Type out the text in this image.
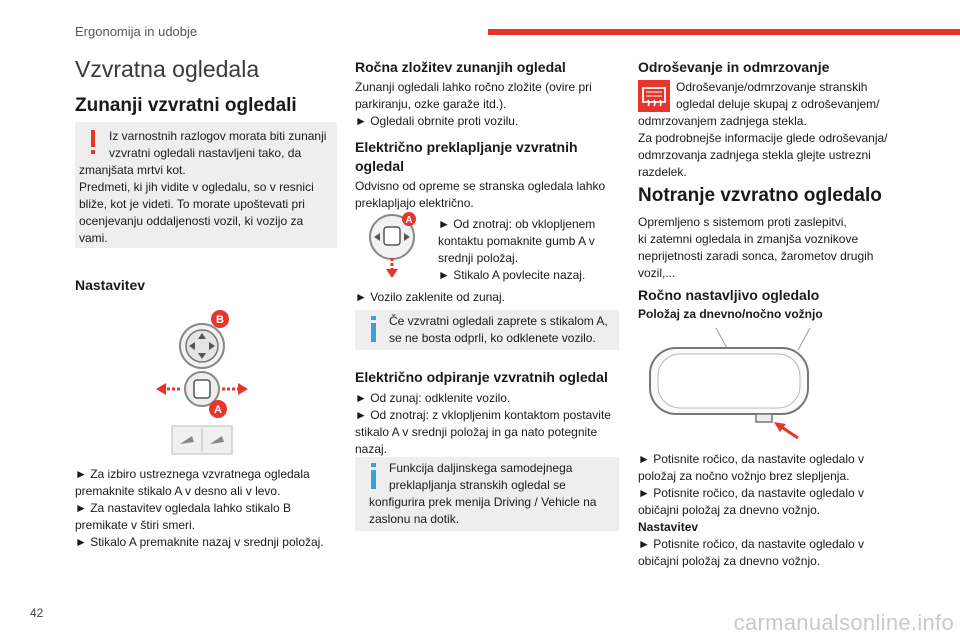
Ergonomija in udobje
Vzvratna ogledala
Zunanji vzvratni ogledali

Iz varnostnih razlogov morata biti zunanji

vzvratni ogledali nastavljeni tako, da

zmanjšata mrtvi kot.

Predmeti, ki jih vidite v ogledalu, so v resnici

bliže, kot je videti. To morate upoštevati pri

ocenjevanju oddaljenosti vozil, ki vozijo za

vami.

Nastavitev
B
A

► Za izbiro ustreznega vzvratnega ogledala premaknite stikalo A v desno ali v levo.

► Za nastavitev ogledala lahko stikalo B premikate v štiri smeri.

► Stikalo A premaknite nazaj v srednji položaj.

Ročna zložitev zunanjih ogledal

Zunanji ogledali lahko ročno zložite (ovire pri

parkiranju, ozke garaže itd.).

► Ogledali obrnite proti vozilu.

Električno preklapljanje vzvratnih
ogledal

Odvisno od opreme se stranska ogledala lahko

preklapljajo električno.

A ► Od znotraj: ob vklopljenem

kontaktu pomaknite gumb A v

srednji položaj.

► Stikalo A povlecite nazaj.

► Vozilo zaklenite od zunaj.

Če vzvratni ogledali zaprete s stikalom A,

se ne bosta odprli, ko odklenete vozilo.

Električno odpiranje vzvratnih ogledal

► Od zunaj: odklenite vozilo.

► Od znotraj: z vklopljenim kontaktom postavite

stikalo A v srednji položaj in ga nato potegnite

nazaj.

Funkcija daljinskega samodejnega

preklapljanja stranskih ogledal se

konfigurira prek menija Driving / Vehicle na

zaslonu na dotik.

Odroševanje in odmrzovanje

Odroševanje/odmrzovanje stranskih

ogledal deluje skupaj z odroševanjem/

odmrzovanjem zadnjega stekla.

Za podrobnejše informacije glede odroševanja/

odmrzovanja zadnjega stekla glejte ustrezni

razdelek.

Notranje vzvratno ogledalo

Opremljeno s sistemom proti zaslepitvi,

ki zatemni ogledala in zmanjša voznikove

neprijetnosti zaradi sonca, žarometov drugih

vozil,...

Ročno nastavljivo ogledalo
Položaj za dnevno/nočno vožnjo

► Potisnite ročico, da nastavite ogledalo v

položaj za nočno vožnjo brez slepljenja.

► Potisnite ročico, da nastavite ogledalo v

običajni položaj za dnevno vožnjo.

Nastavitev

► Potisnite ročico, da nastavite ogledalo v

običajni položaj za dnevno vožnjo.

42	carmanualsonline.info
